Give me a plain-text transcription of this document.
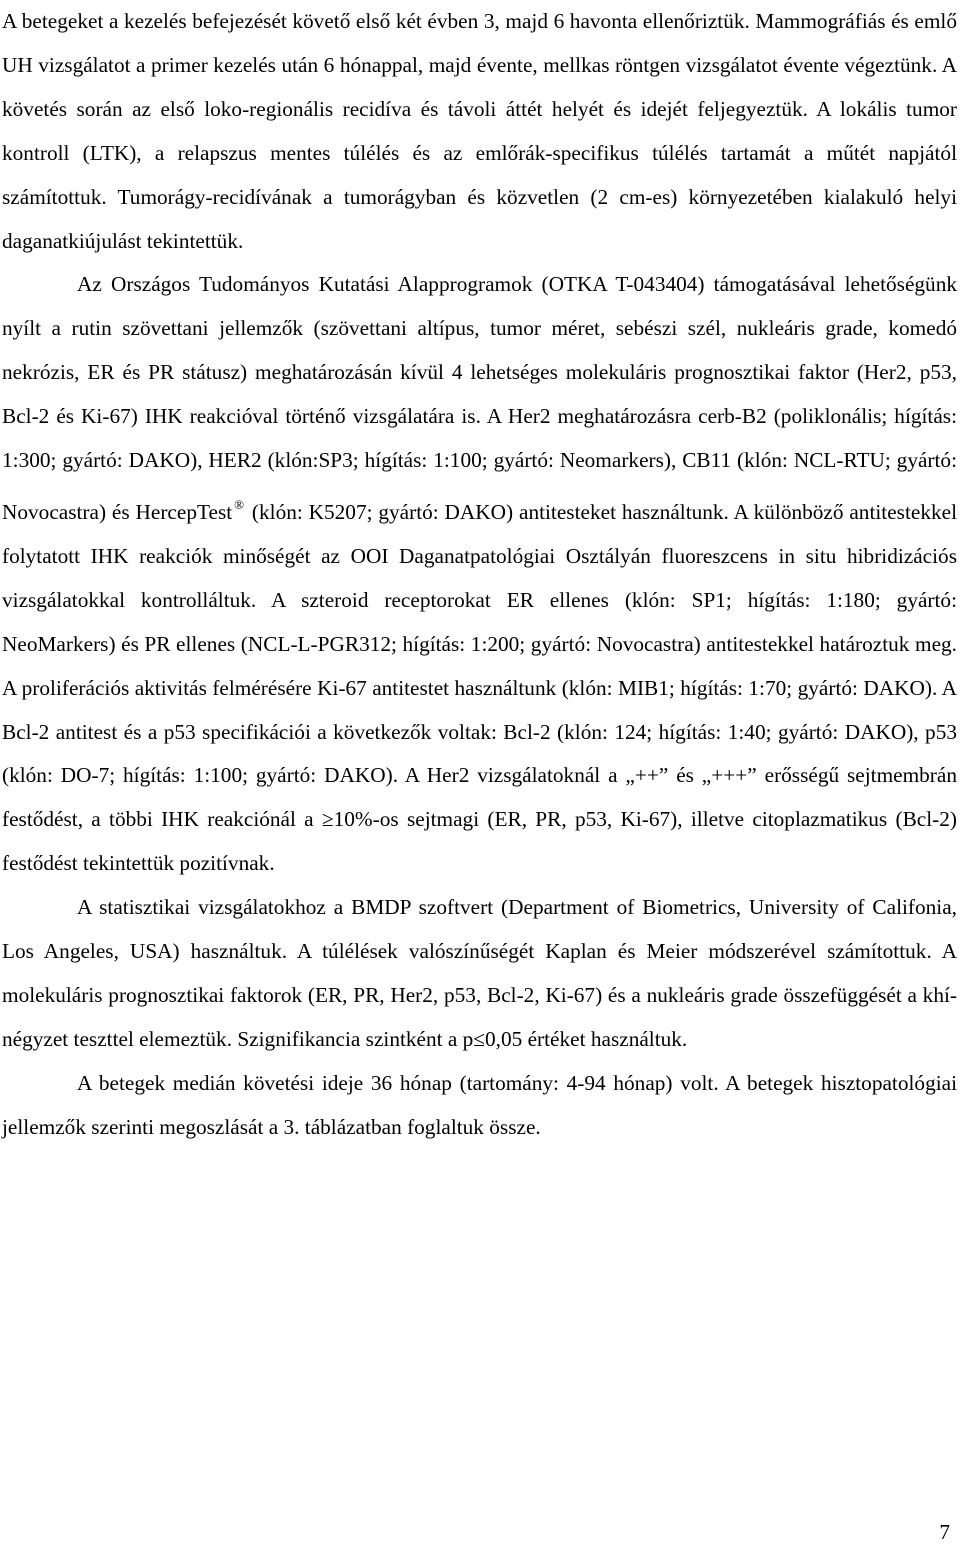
A betegeket a kezelés befejezését követő első két évben 3, majd 6 havonta ellenőriztük. Mammográfiás és emlő UH vizsgálatot a primer kezelés után 6 hónappal, majd évente, mellkas röntgen vizsgálatot évente végeztünk. A követés során az első loko-regionális recidíva és távoli áttét helyét és idejét feljegyeztük. A lokális tumor kontroll (LTK), a relapszus mentes túlélés és az emlőrák-specifikus túlélés tartamát a műtét napjától számítottuk. Tumorágy-recidívának a tumorágyban és közvetlen (2 cm-es) környezetében kialakuló helyi daganatkiújulást tekintettük.

Az Országos Tudományos Kutatási Alapprogramok (OTKA T-043404) támogatásával lehetőségünk nyílt a rutin szövettani jellemzők (szövettani altípus, tumor méret, sebészi szél, nukleáris grade, komedó nekrózis, ER és PR státusz) meghatározásán kívül 4 lehetséges molekuláris prognosztikai faktor (Her2, p53, Bcl-2 és Ki-67) IHK reakcióval történő vizsgálatára is. A Her2 meghatározásra cerb-B2 (poliklonális; hígítás: 1:300; gyártó: DAKO), HER2 (klón:SP3; hígítás: 1:100; gyártó: Neomarkers), CB11 (klón: NCL-RTU; gyártó: Novocastra) és HercepTest ® (klón: K5207; gyártó: DAKO) antitesteket használtunk. A különböző antitestekkel folytatott IHK reakciók minőségét az OOI Daganatpatológiai Osztályán fluoreszcens in situ hibridizációs vizsgálatokkal kontrolláltuk. A szteroid receptorokat ER ellenes (klón: SP1; hígítás: 1:180; gyártó: NeoMarkers) és PR ellenes (NCL-L-PGR312; hígítás: 1:200; gyártó: Novocastra) antitestekkel határoztuk meg. A proliferációs aktivitás felmérésére Ki-67 antitestet használtunk (klón: MIB1; hígítás: 1:70; gyártó: DAKO). A Bcl-2 antitest és a p53 specifikációi a következők voltak: Bcl-2 (klón: 124; hígítás: 1:40; gyártó: DAKO), p53 (klón: DO-7; hígítás: 1:100; gyártó: DAKO). A Her2 vizsgálatoknál a „++” és „+++” erősségű sejtmembrán festődést, a többi IHK reakciónál a ≥10%-os sejtmagi (ER, PR, p53, Ki-67), illetve citoplazmatikus (Bcl-2) festődést tekintettük pozitívnak.

A statisztikai vizsgálatokhoz a BMDP szoftvert (Department of Biometrics, University of Califonia, Los Angeles, USA) használtuk. A túlélések valószínűségét Kaplan és Meier módszerével számítottuk. A molekuláris prognosztikai faktorok (ER, PR, Her2, p53, Bcl-2, Ki-67) és a nukleáris grade összefüggését a khí-négyzet teszttel elemeztük. Szignifikancia szintként a p≤0,05 értéket használtuk.

A betegek medián követési ideje 36 hónap (tartomány: 4-94 hónap) volt. A betegek hisztopatológiai jellemzők szerinti megoszlását a 3. táblázatban foglaltuk össze.

7
